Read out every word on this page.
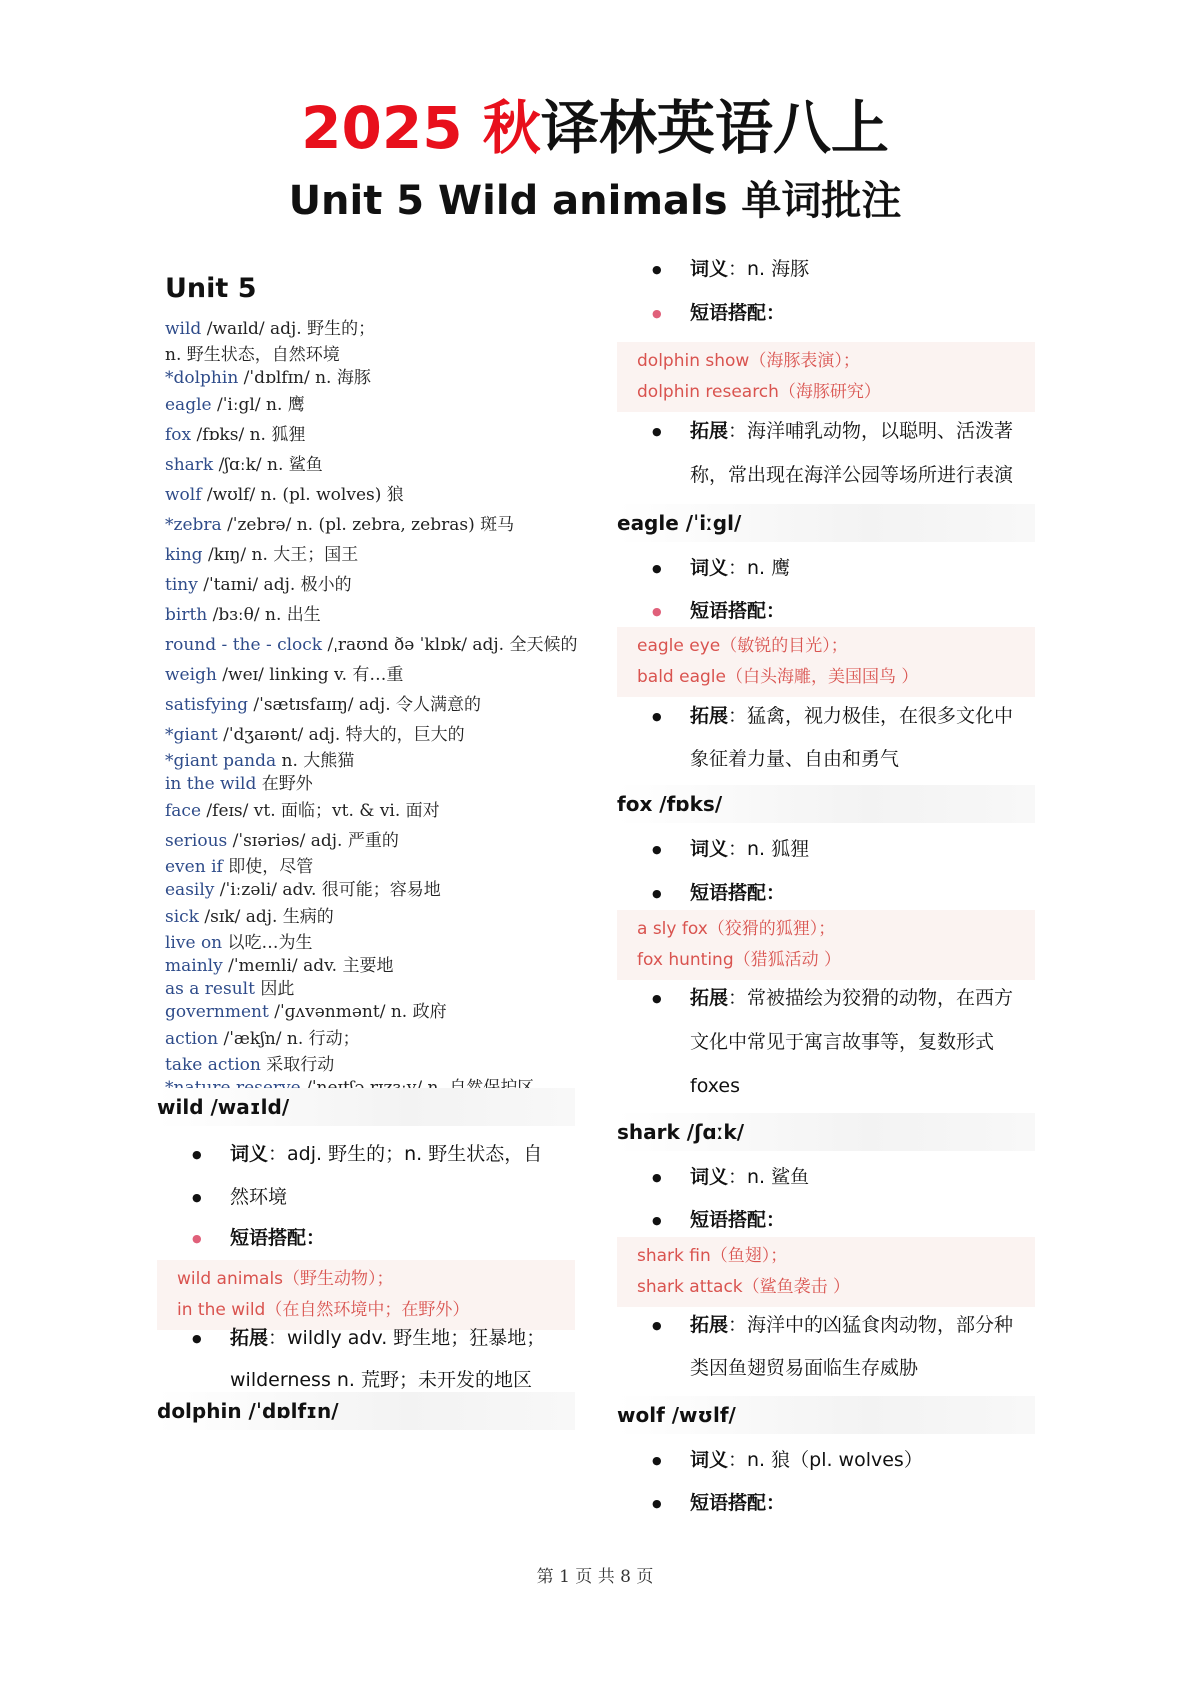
2025 秋译林英语八上
Unit 5 Wild animals 单词批注
Unit 5
wild /waɪld/ adj. 野生的；
n. 野生状态，自然环境
*dolphin /ˈdɒlfɪn/ n. 海豚
eagle /ˈiːgl/ n. 鹰
fox /fɒks/ n. 狐狸
shark /ʃɑːk/ n. 鲨鱼
wolf /wʊlf/ n. (pl. wolves) 狼
*zebra /ˈzebrə/ n. (pl. zebra, zebras) 斑马
king /kɪŋ/ n. 大王；国王
tiny /ˈtaɪni/ adj. 极小的
birth /bɜːθ/ n. 出生
round - the - clock /ˌraʊnd ðə ˈklɒk/ adj. 全天候的
weigh /weɪ/ linking v. 有…重
satisfying /ˈsætɪsfaɪɪŋ/ adj. 令人满意的
*giant /ˈdʒaɪənt/ adj. 特大的，巨大的
*giant panda n. 大熊猫
in the wild 在野外
face /feɪs/ vt. 面临；vt. & vi. 面对
serious /ˈsɪəriəs/ adj. 严重的
even if 即使，尽管
easily /ˈiːzəli/ adv. 很可能；容易地
sick /sɪk/ adj. 生病的
live on 以吃…为生
mainly /ˈmeɪnli/ adv. 主要地
as a result 因此
government /ˈɡʌvənmənt/ n. 政府
action /ˈækʃn/ n. 行动；
take action 采取行动
wild /waɪld/
● 词义：adj. 野生的；n. 野生状态，自
● 然环境
● 短语搭配：
wild animals（野生动物）；
in the wild（在自然环境中；在野外）
● 拓展：wildly adv. 野生地；狂暴地；
wilderness n. 荒野；未开发的地区
dolphin /ˈdɒlfɪn/
● 词义：n. 海豚
● 短语搭配：
dolphin show（海豚表演）；
dolphin research（海豚研究）
● 拓展：海洋哺乳动物，以聪明、活泼著
称，常出现在海洋公园等场所进行表演
eagle /ˈiːgl/
● 词义：n. 鹰
● 短语搭配：
eagle eye（敏锐的目光）；
bald eagle（白头海雕，美国国鸟 ）
● 拓展：猛禽，视力极佳，在很多文化中
象征着力量、自由和勇气
fox /fɒks/
● 词义：n. 狐狸
● 短语搭配：
a sly fox（狡猾的狐狸）；
fox hunting（猎狐活动 ）
● 拓展：常被描绘为狡猾的动物，在西方
文化中常见于寓言故事等，复数形式
foxes
shark /ʃɑːk/
● 词义：n. 鲨鱼
● 短语搭配：
shark fin（鱼翅）；
shark attack（鲨鱼袭击 ）
● 拓展：海洋中的凶猛食肉动物，部分种
类因鱼翅贸易面临生存威胁
wolf /wʊlf/
● 词义：n. 狼（pl. wolves）
● 短语搭配：
第 1 页 共 8 页
